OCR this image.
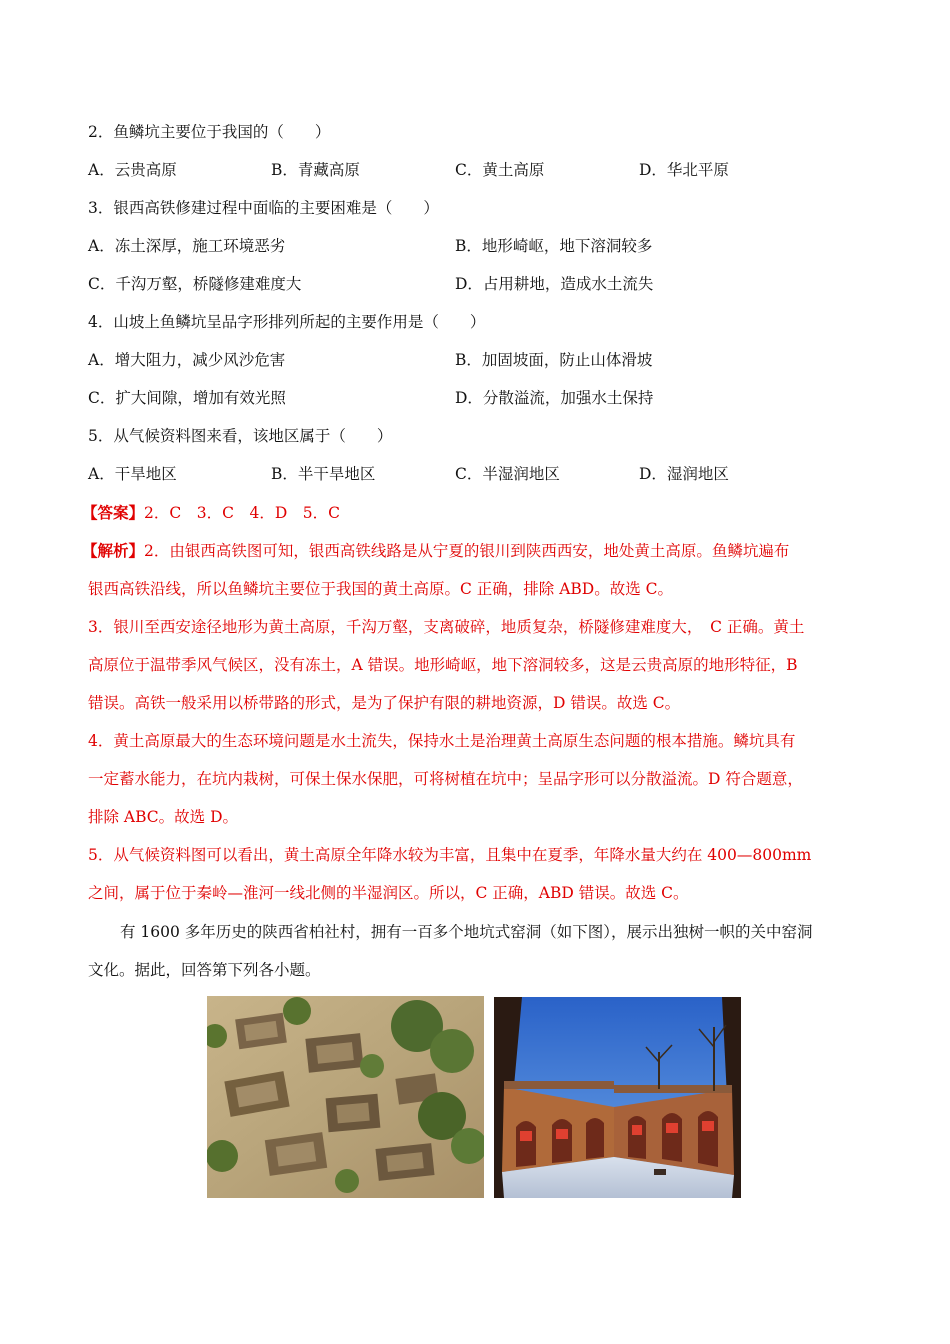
2．鱼鳞坑主要位于我国的（　　）
A．云贵高原	B．青藏高原	C．黄土高原	D．华北平原
3．银西高铁修建过程中面临的主要困难是（　　）
A．冻土深厚，施工环境恶劣	B．地形崎岖，地下溶洞较多
C．千沟万壑，桥隧修建难度大	D．占用耕地，造成水土流失
4．山坡上鱼鳞坑呈品字形排列所起的主要作用是（　　）
A．增大阻力，减少风沙危害	B．加固坡面，防止山体滑坡
C．扩大间隙，增加有效光照	D．分散溢流，加强水土保持
5．从气候资料图来看，该地区属于（　　）
A．干旱地区	B．半干旱地区	C．半湿润地区	D．湿润地区
【答案】2．C　3．C　4．D　5．C
【解析】2．由银西高铁图可知，银西高铁线路是从宁夏的银川到陕西西安，地处黄土高原。鱼鳞坑遍布
银西高铁沿线，所以鱼鳞坑主要位于我国的黄土高原。C 正确，排除 ABD。故选 C。
3．银川至西安途径地形为黄土高原，千沟万壑，支离破碎，地质复杂，桥隧修建难度大，　C 正确。黄土
高原位于温带季风气候区，没有冻土，A 错误。地形崎岖，地下溶洞较多，这是云贵高原的地形特征，B
错误。高铁一般采用以桥带路的形式，是为了保护有限的耕地资源，D 错误。故选 C。
4．黄土高原最大的生态环境问题是水土流失，保持水土是治理黄土高原生态问题的根本措施。鳞坑具有
一定蓄水能力，在坑内栽树，可保土保水保肥，可将树植在坑中；呈品字形可以分散溢流。D 符合题意，
排除 ABC。故选 D。
5．从气候资料图可以看出，黄土高原全年降水较为丰富，且集中在夏季，年降水量大约在 400—800mm
之间，属于位于秦岭—淮河一线北侧的半湿润区。所以，C 正确，ABD 错误。故选 C。
有 1600 多年历史的陕西省柏社村，拥有一百多个地坑式窑洞（如下图），展示出独树一帜的关中窑洞
文化。据此，回答第下列各小题。
